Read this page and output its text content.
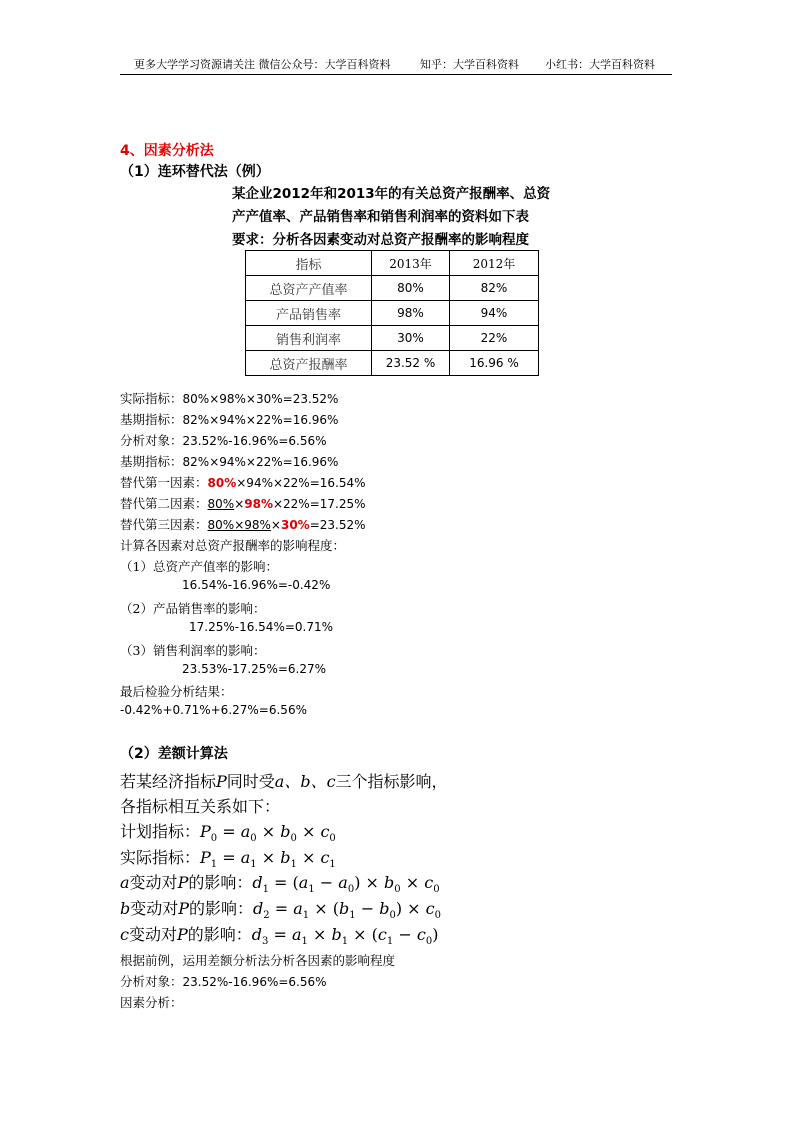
更多大学学习资源请关注 微信公众号：大学百科资料	知乎：大学百科资料 小红书：大学百科资料
4、因素分析法
（1）连环替代法（例）
某企业2012年和2013年的有关总资产报酬率、总资
产产值率、产品销售率和销售利润率的资料如下表
要求：分析各因素变动对总资产报酬率的影响程度
指标	2013年	2012年
总资产产值率	80%	82%
产品销售率	98%	94%
销售利润率	30%	22%
总资产报酬率	23.52 %	16.96 %
实际指标：80%×98%×30%=23.52%
基期指标：82%×94%×22%=16.96%
分析对象：23.52%-16.96%=6.56%
基期指标：82%×94%×22%=16.96%
替代第一因素：80%×94%×22%=16.54%
替代第二因素：80%×98%×22%=17.25%
替代第三因素：80%×98%×30%=23.52%
计算各因素对总资产报酬率的影响程度：
（1）总资产产值率的影响：
16.54%-16.96%=-0.42%
（2）产品销售率的影响：
17.25%-16.54%=0.71%
（3）销售利润率的影响：
23.53%-17.25%=6.27%
最后检验分析结果：
-0.42%+0.71%+6.27%=6.56%
（2）差额计算法
若某经济指标P同时受a、b、c三个指标影响，
各指标相互关系如下：
计划指标：$P_0 = a_0 \times b_0 \times c_0$
实际指标：$P_1 = a_1 \times b_1 \times c_1$
a变动对P的影响：$d_1 = (a_1 - a_0) \times b_0 \times c_0$
b变动对P的影响：$d_2 = a_1 \times (b_1 - b_0) \times c_0$
c变动对P的影响：$d_3 = a_1 \times b_1 \times (c_1 - c_0)$
根据前例，运用差额分析法分析各因素的影响程度
分析对象：23.52%-16.96%=6.56%
因素分析：
